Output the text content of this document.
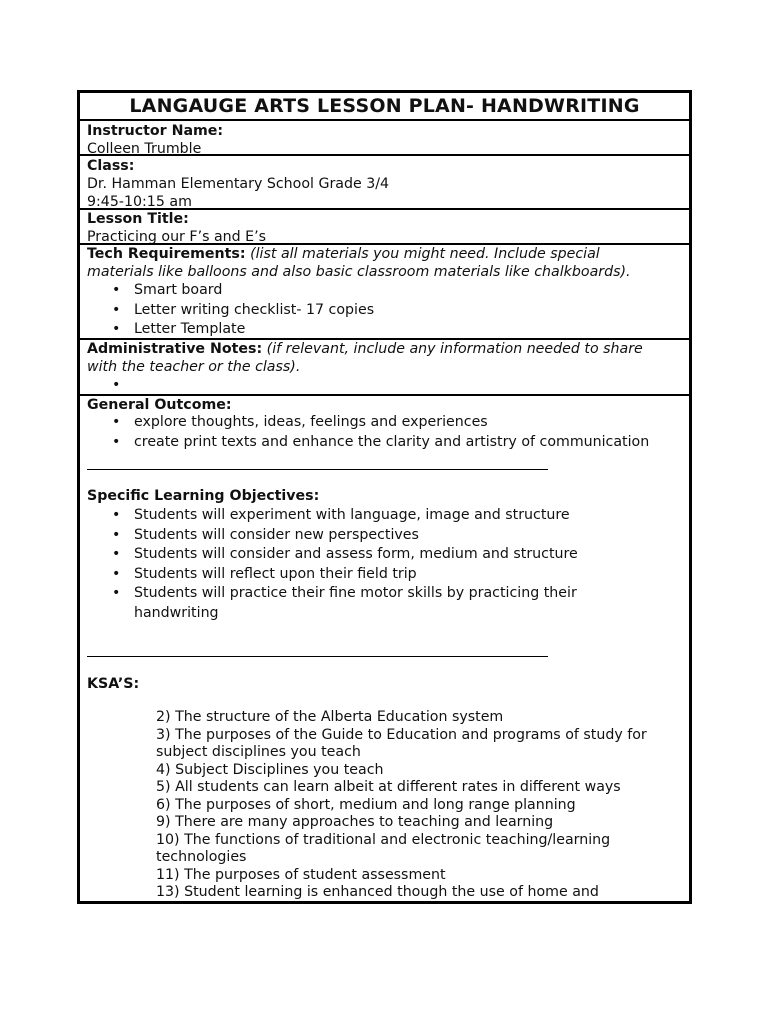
LANGAUGE ARTS LESSON PLAN- HANDWRITING
Instructor Name:
Colleen Trumble
Class:
Dr. Hamman Elementary School Grade 3/4
9:45-10:15 am
Lesson Title:
Practicing our F’s and E’s
Tech Requirements: (list all materials you might need. Include special
materials like balloons and also basic classroom materials like chalkboards).
• Smart board
• Letter writing checklist- 17 copies
• Letter Template
Administrative Notes: (if relevant, include any information needed to share
with the teacher or the class).
General Outcome:
• explore thoughts, ideas, feelings and experiences
• create print texts and enhance the clarity and artistry of communication
Specific Learning Objectives:
• Students will experiment with language, image and structure
• Students will consider new perspectives
• Students will consider and assess form, medium and structure
• Students will reflect upon their field trip
• Students will practice their fine motor skills by practicing their
handwriting
KSA’S:
2) The structure of the Alberta Education system
3) The purposes of the Guide to Education and programs of study for
subject disciplines you teach
4) Subject Disciplines you teach
5) All students can learn albeit at different rates in different ways
6) The purposes of short, medium and long range planning
9) There are many approaches to teaching and learning
10) The functions of traditional and electronic teaching/learning
technologies
11) The purposes of student assessment
13) Student learning is enhanced though the use of home and
